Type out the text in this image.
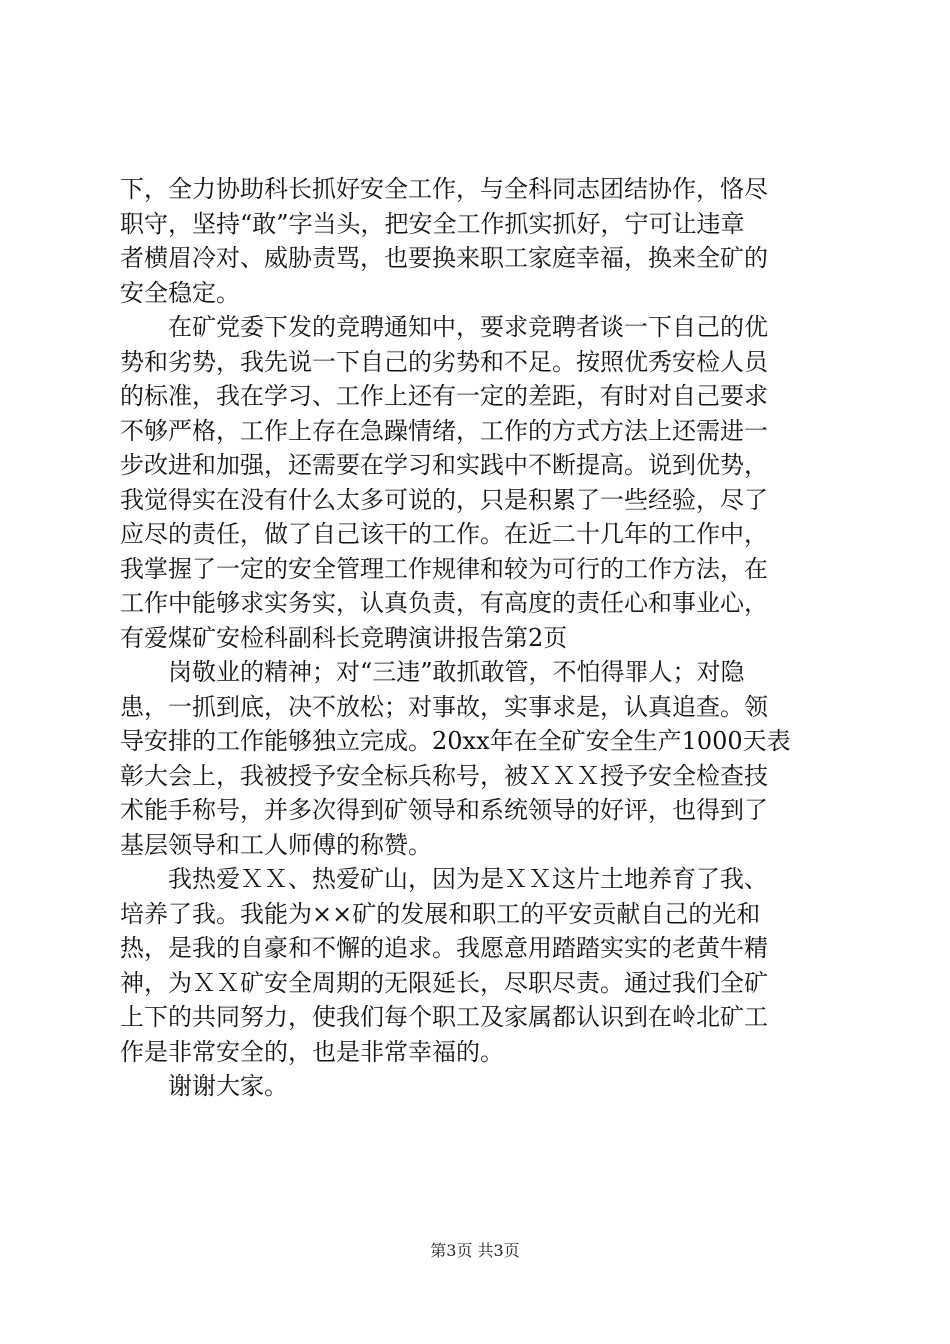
下，全力协助科长抓好安全工作，与全科同志团结协作，恪尽
职守，坚持“敢”字当头，把安全工作抓实抓好，宁可让违章
者横眉冷对、威胁责骂，也要换来职工家庭幸福，换来全矿的
安全稳定。
　　在矿党委下发的竞聘通知中，要求竞聘者谈一下自己的优
势和劣势，我先说一下自己的劣势和不足。按照优秀安检人员
的标准，我在学习、工作上还有一定的差距，有时对自己要求
不够严格，工作上存在急躁情绪，工作的方式方法上还需进一
步改进和加强，还需要在学习和实践中不断提高。说到优势，
我觉得实在没有什么太多可说的，只是积累了一些经验，尽了
应尽的责任，做了自己该干的工作。在近二十几年的工作中，
我掌握了一定的安全管理工作规律和较为可行的工作方法，在
工作中能够求实务实，认真负责，有高度的责任心和事业心，
有爱煤矿安检科副科长竞聘演讲报告第2页
　　岗敬业的精神；对“三违”敢抓敢管，不怕得罪人；对隐
患，一抓到底，决不放松；对事故，实事求是，认真追查。领
导安排的工作能够独立完成。20xx年在全矿安全生产1000天表
彰大会上，我被授予安全标兵称号，被ＸＸＸ授予安全检查技
术能手称号，并多次得到矿领导和系统领导的好评，也得到了
基层领导和工人师傅的称赞。
　　我热爱ＸＸ、热爱矿山，因为是ＸＸ这片土地养育了我、
培养了我。我能为××矿的发展和职工的平安贡献自己的光和
热，是我的自豪和不懈的追求。我愿意用踏踏实实的老黄牛精
神，为ＸＸ矿安全周期的无限延长，尽职尽责。通过我们全矿
上下的共同努力，使我们每个职工及家属都认识到在岭北矿工
作是非常安全的，也是非常幸福的。
　　谢谢大家。
第3页 共3页
